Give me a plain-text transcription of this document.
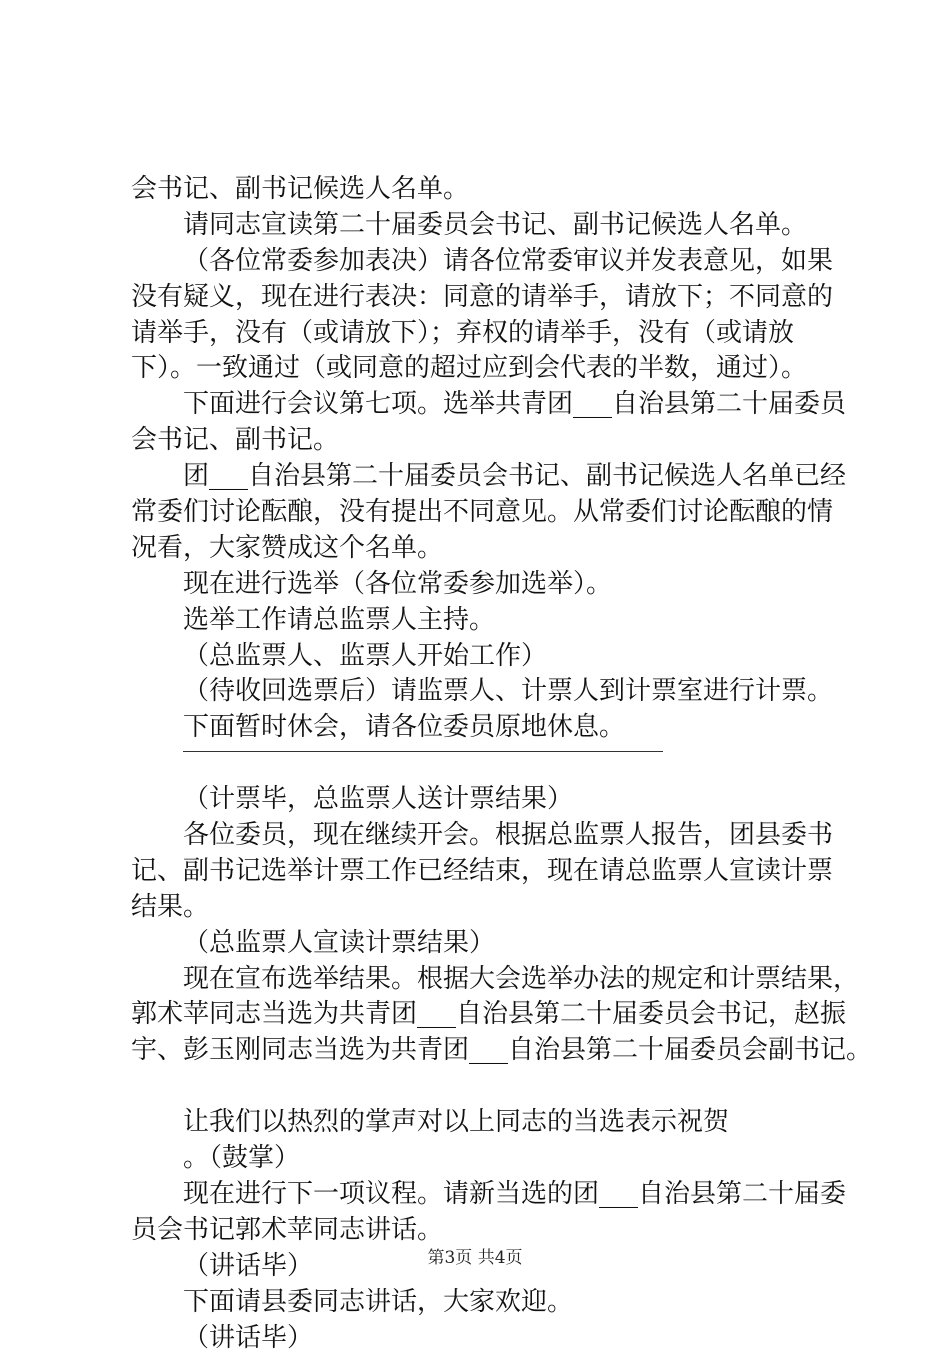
会书记、副书记候选人名单。
请同志宣读第二十届委员会书记、副书记候选人名单。
（各位常委参加表决）请各位常委审议并发表意见，如果
没有疑义，现在进行表决：同意的请举手，请放下；不同意的
请举手，没有（或请放下）；弃权的请举手，没有（或请放
下）。一致通过（或同意的超过应到会代表的半数，通过）。
下面进行会议第七项。选举共青团___自治县第二十届委员
会书记、副书记。
团___自治县第二十届委员会书记、副书记候选人名单已经
常委们讨论酝酿，没有提出不同意见。从常委们讨论酝酿的情
况看，大家赞成这个名单。
现在进行选举（各位常委参加选举）。
选举工作请总监票人主持。
（总监票人、监票人开始工作）
（待收回选票后）请监票人、计票人到计票室进行计票。
下面暂时休会，请各位委员原地休息。
（计票毕，总监票人送计票结果）
各位委员，现在继续开会。根据总监票人报告，团县委书
记、副书记选举计票工作已经结束，现在请总监票人宣读计票
结果。
（总监票人宣读计票结果）
现在宣布选举结果。根据大会选举办法的规定和计票结果，
郭术苹同志当选为共青团___自治县第二十届委员会书记，赵振
宇、彭玉刚同志当选为共青团___自治县第二十届委员会副书记。
让我们以热烈的掌声对以上同志的当选表示祝贺
。（鼓掌）
现在进行下一项议程。请新当选的团___自治县第二十届委
员会书记郭术苹同志讲话。
（讲话毕）
下面请县委同志讲话，大家欢迎。
（讲话毕）
第3页 共4页
